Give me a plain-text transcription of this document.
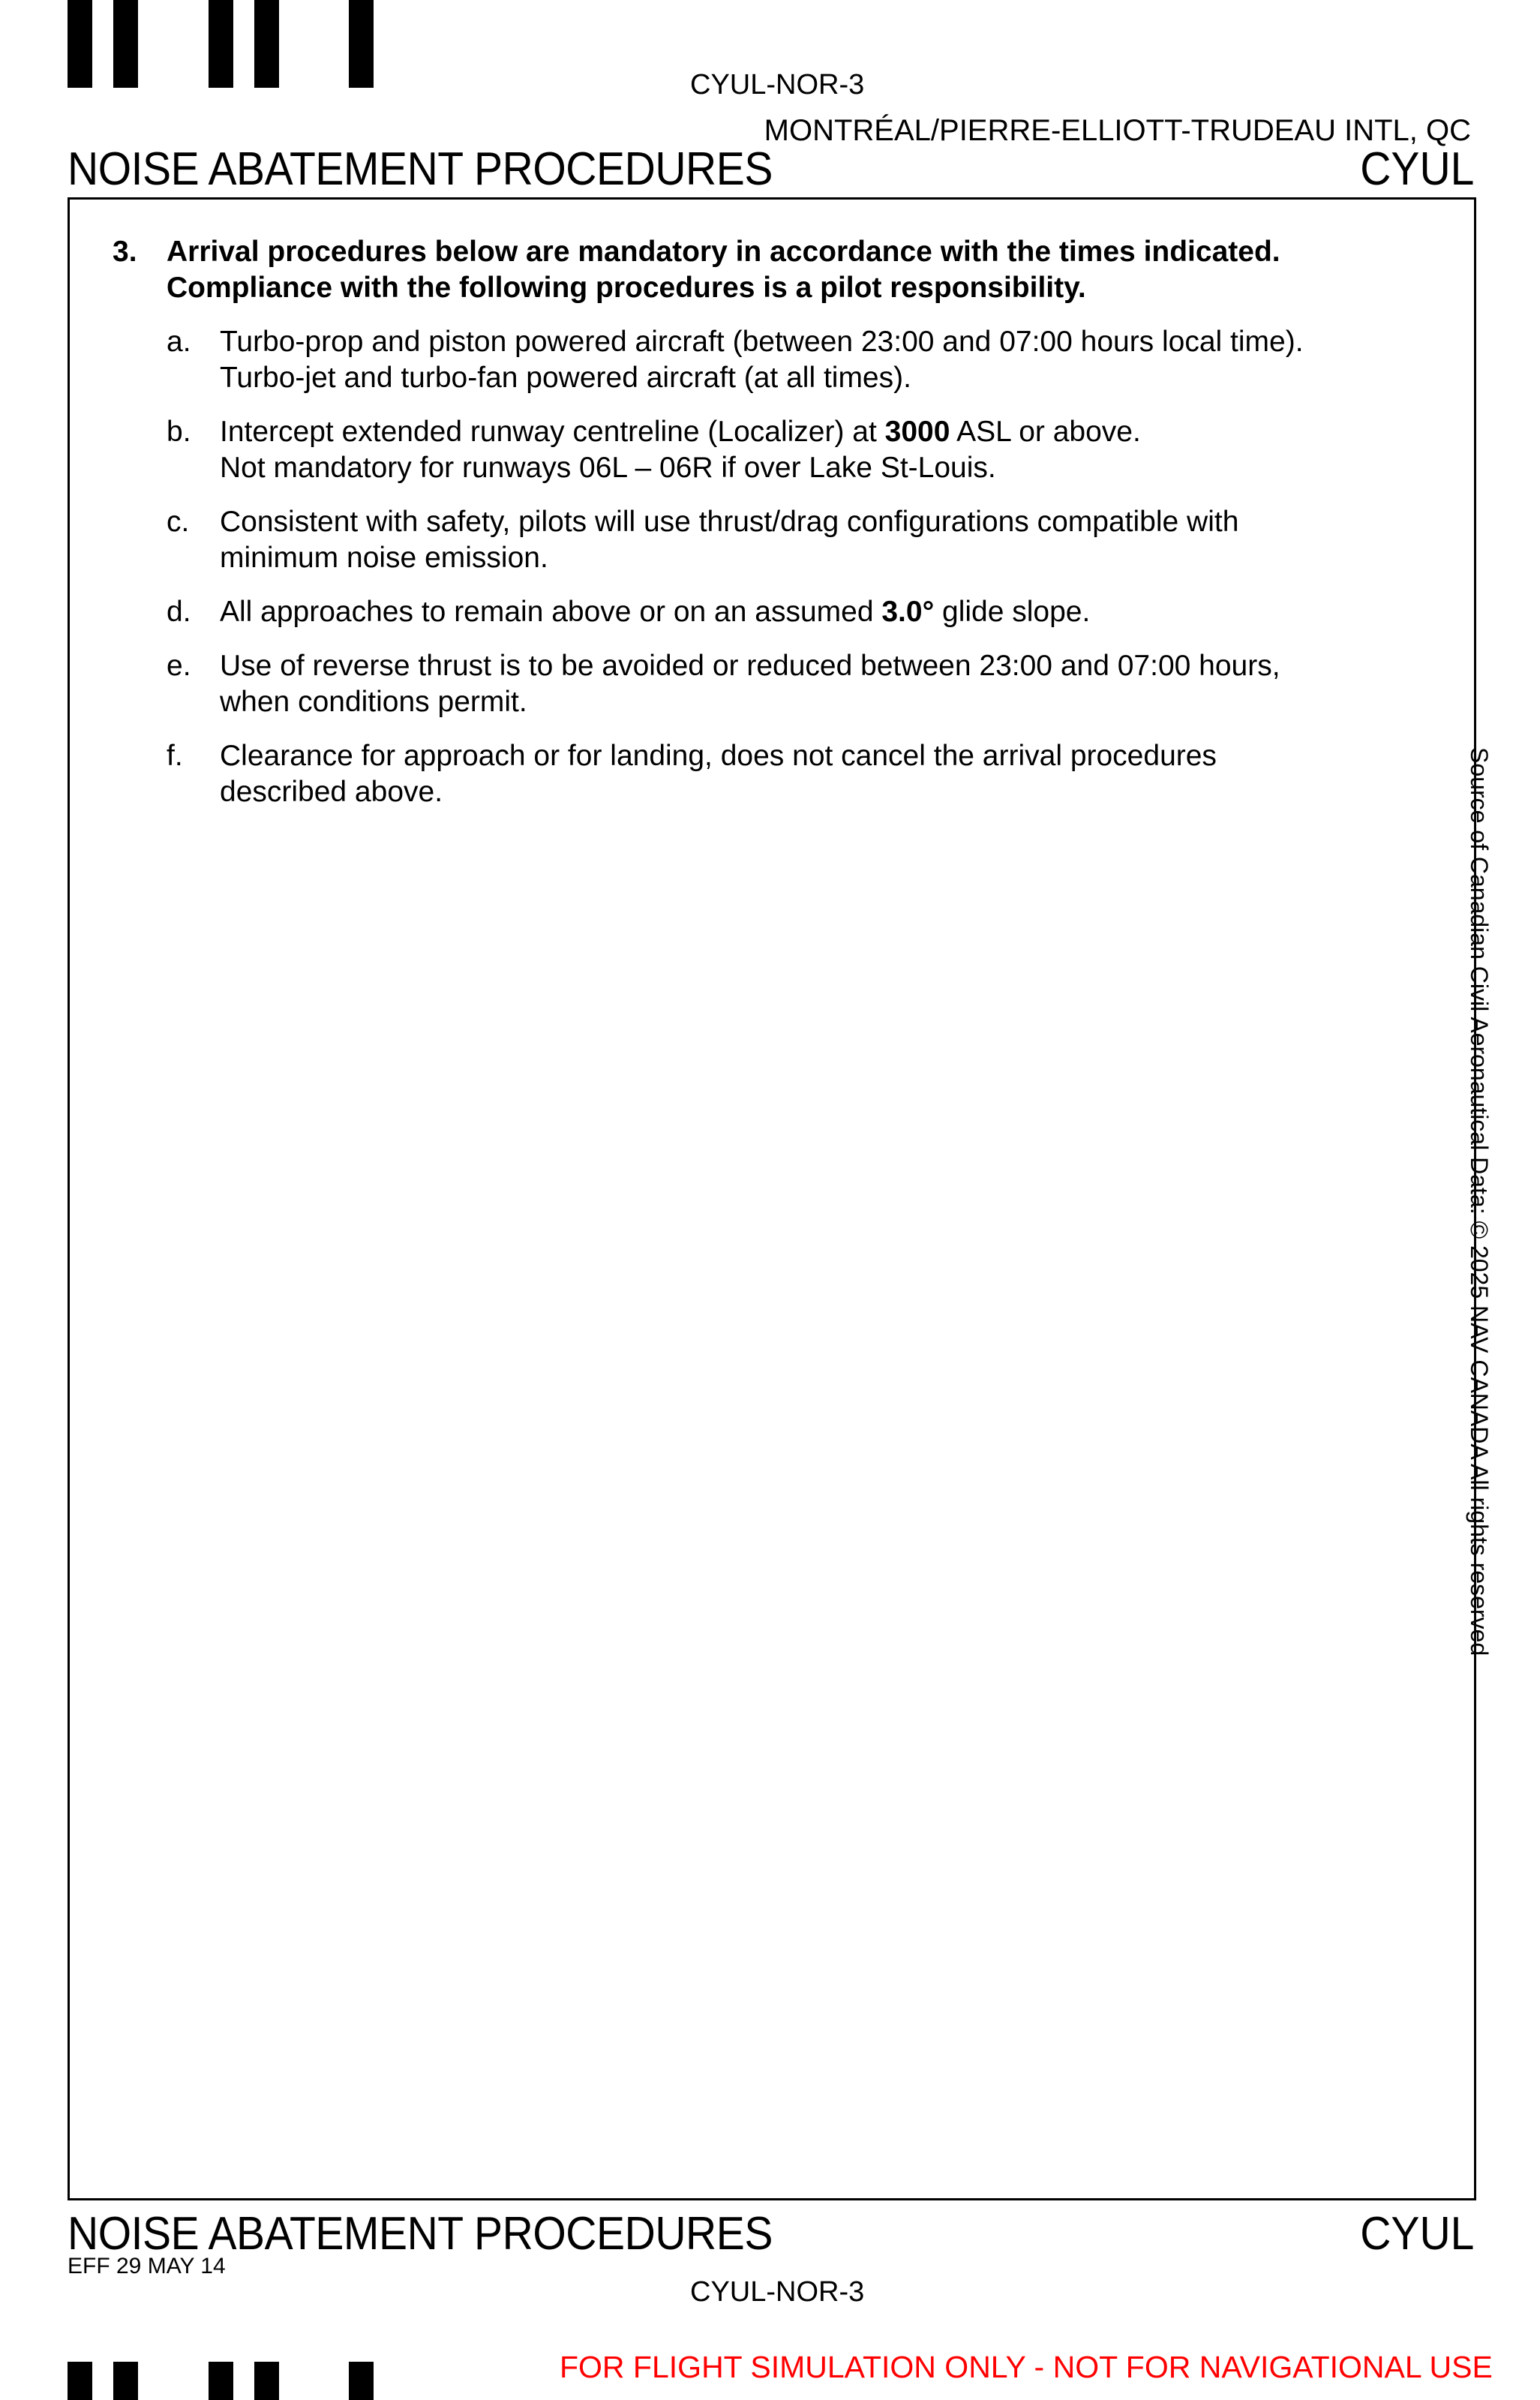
CYUL-NOR-3
MONTRÉAL/PIERRE-ELLIOTT-TRUDEAU INTL, QC
NOISE ABATEMENT PROCEDURES	CYUL
3. Arrival procedures below are mandatory in accordance with the times indicated.
Compliance with the following procedures is a pilot responsibility.
a. Turbo-prop and piston powered aircraft (between 23:00 and 07:00 hours local time).
Turbo-jet and turbo-fan powered aircraft (at all times).
b. Intercept extended runway centreline (Localizer) at 3000 ASL or above.
Not mandatory for runways 06L – 06R if over Lake St-Louis.
c. Consistent with safety, pilots will use thrust/drag configurations compatible with
minimum noise emission.
d. All approaches to remain above or on an assumed 3.0° glide slope.
e. Use of reverse thrust is to be avoided or reduced between 23:00 and 07:00 hours,
when conditions permit.
f. Clearance for approach or for landing, does not cancel the arrival procedures
described above.	Source of Canadian Civil Aeronautical Data: © 2025 NAV CANADA All rights reserved
NOISE ABATEMENT PROCEDURES	CYUL
EFF 29 MAY 14
CYUL-NOR-3
FOR FLIGHT SIMULATION ONLY - NOT FOR NAVIGATIONAL USE
